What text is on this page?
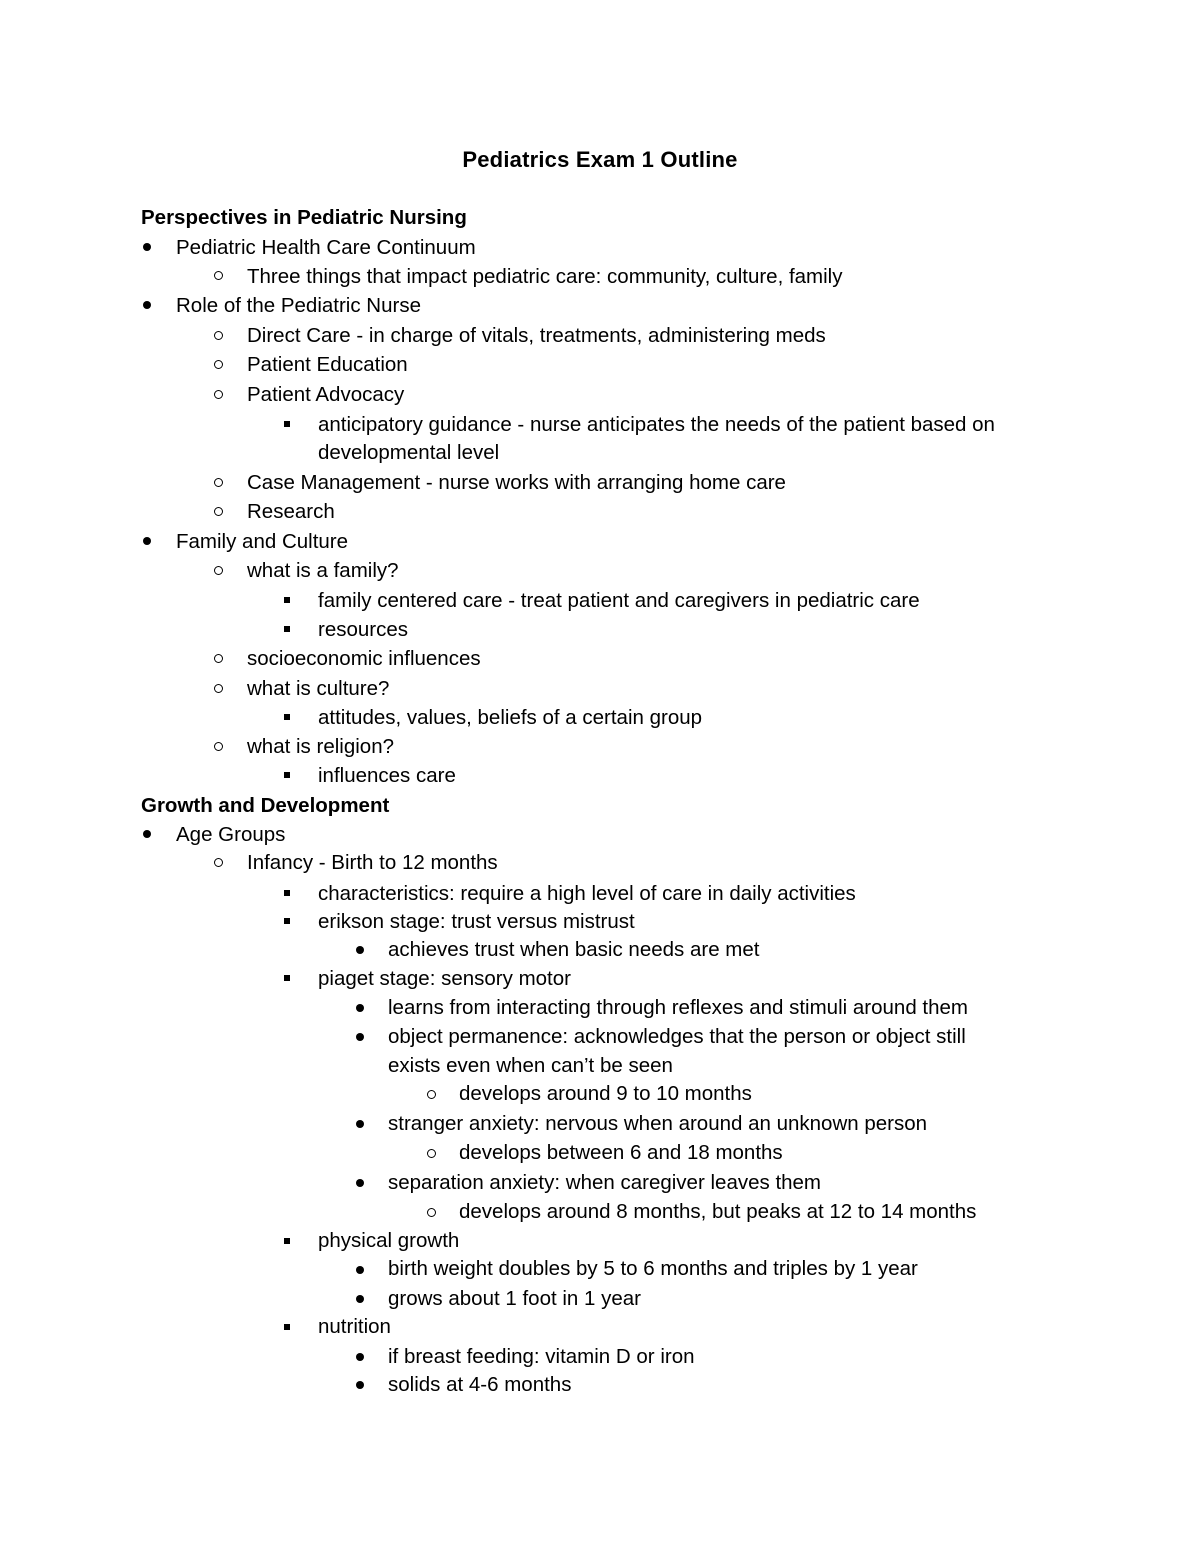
Pediatrics Exam 1 Outline
Perspectives in Pediatric Nursing
Pediatric Health Care Continuum
Three things that impact pediatric care: community, culture, family
Role of the Pediatric Nurse
Direct Care - in charge of vitals, treatments, administering meds
Patient Education
Patient Advocacy
anticipatory guidance - nurse anticipates the needs of the patient based on
developmental level
Case Management - nurse works with arranging home care
Research
Family and Culture
what is a family?
family centered care - treat patient and caregivers in pediatric care
resources
socioeconomic influences
what is culture?
attitudes, values, beliefs of a certain group
what is religion?
influences care
Growth and Development
Age Groups
Infancy - Birth to 12 months
characteristics: require a high level of care in daily activities
erikson stage: trust versus mistrust
achieves trust when basic needs are met
piaget stage: sensory motor
learns from interacting through reflexes and stimuli around them
object permanence: acknowledges that the person or object still
exists even when can’t be seen
develops around 9 to 10 months
stranger anxiety: nervous when around an unknown person
develops between 6 and 18 months
separation anxiety: when caregiver leaves them
develops around 8 months, but peaks at 12 to 14 months
physical growth
birth weight doubles by 5 to 6 months and triples by 1 year
grows about 1 foot in 1 year
nutrition
if breast feeding: vitamin D or iron
solids at 4-6 months
